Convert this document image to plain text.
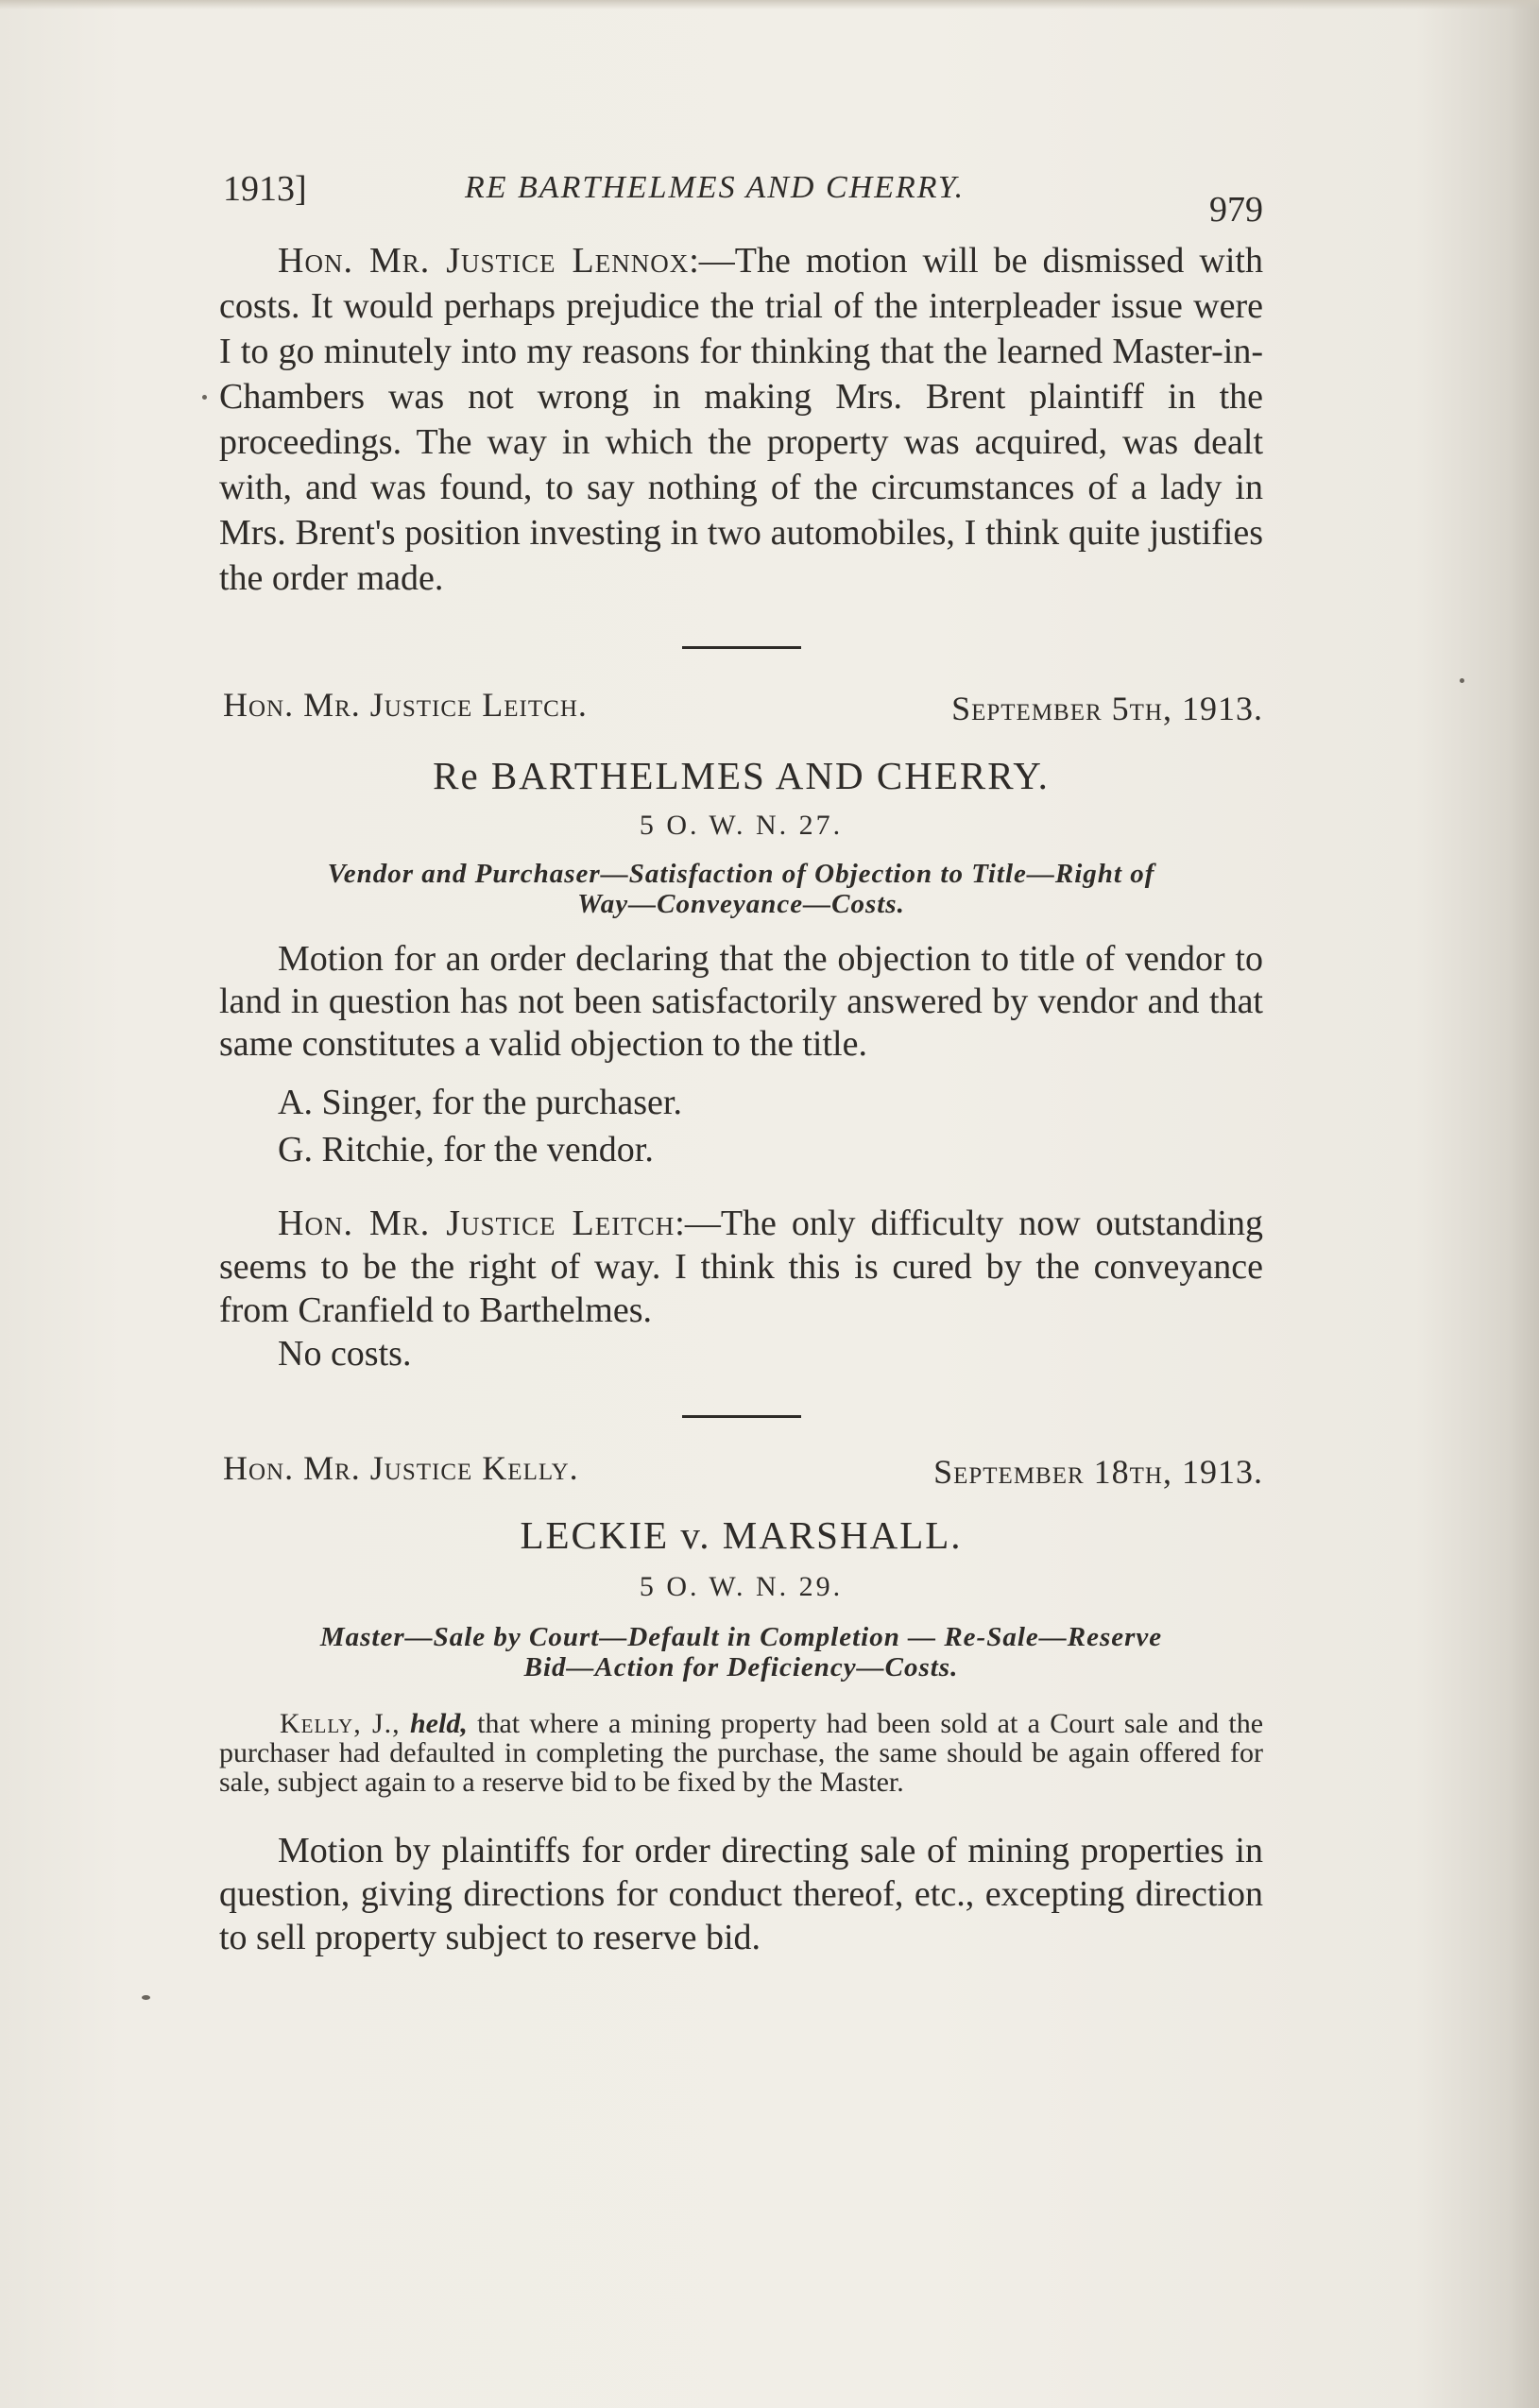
1913]	RE BARTHELMES AND CHERRY.
979

Hon. Mr. Justice Lennox:—The motion will be dismissed with costs. It would perhaps prejudice the trial of the interpleader issue were I to go minutely into my reasons for thinking that the learned Master-in-Chambers was not wrong in making Mrs. Brent plaintiff in the proceedings. The way in which the property was acquired, was dealt with, and was found, to say nothing of the circumstances of a lady in Mrs. Brent's position investing in two automobiles, I think quite justifies the order made.

Hon. Mr. Justice Leitch.	September 5th, 1913.
Re BARTHELMES AND CHERRY.
5 O. W. N. 27.
Vendor and Purchaser—Satisfaction of Objection to Title—Right of
Way—Conveyance—Costs.

Motion for an order declaring that the objection to title of vendor to land in question has not been satisfactorily answered by vendor and that same constitutes a valid objection to the title.

A. Singer, for the purchaser.
G. Ritchie, for the vendor.

Hon. Mr. Justice Leitch:—The only difficulty now outstanding seems to be the right of way. I think this is cured by the conveyance from Cranfield to Barthelmes.

No costs.

Hon. Mr. Justice Kelly.	September 18th, 1913.
LECKIE v. MARSHALL.
5 O. W. N. 29.
Master—Sale by Court—Default in Completion — Re-Sale—Reserve
Bid—Action for Deficiency—Costs.

Kelly, J., held, that where a mining property had been sold at a Court sale and the purchaser had defaulted in completing the purchase, the same should be again offered for sale, subject again to a reserve bid to be fixed by the Master.

Motion by plaintiffs for order directing sale of mining properties in question, giving directions for conduct thereof, etc., excepting direction to sell property subject to reserve bid.
